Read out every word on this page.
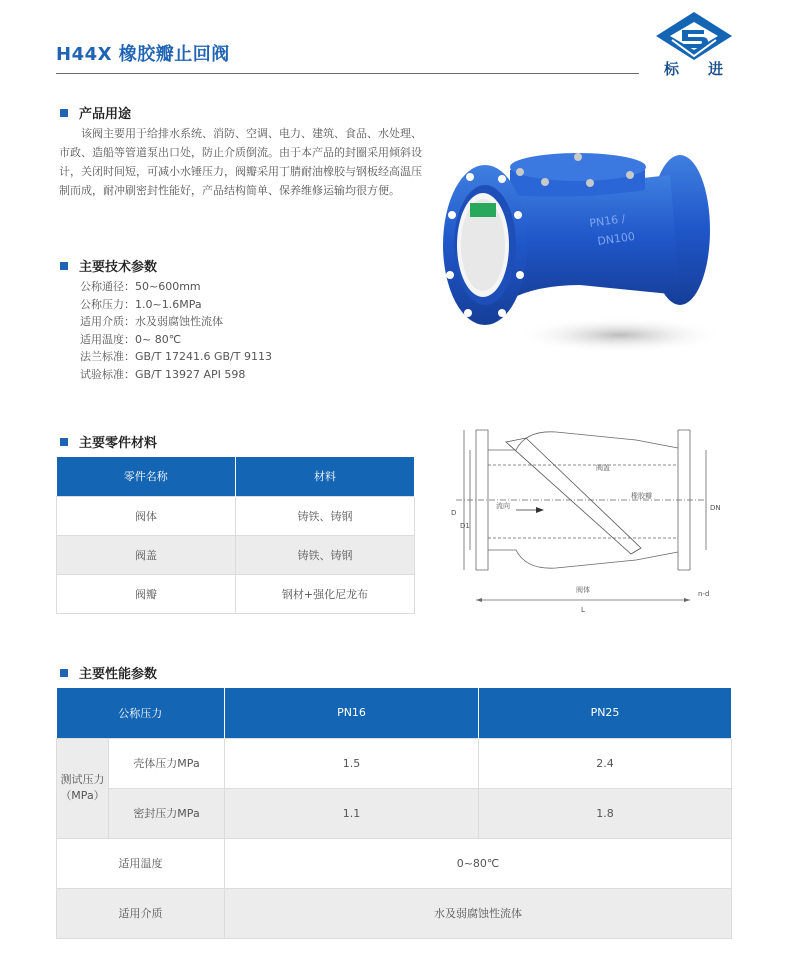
H44X 橡胶瓣止回阀
标 进
产品用途
该阀主要用于给排水系统、消防、空调、电力、建筑、食品、水处理、市政、造船等管道泵出口处，防止介质倒流。由于本产品的封圈采用倾斜设计，关闭时间短，可减小水锤压力，阀瓣采用丁腈耐油橡胶与钢板经高温压制而成，耐冲刷密封性能好，产品结构简单、保养维修运输均很方便。
PN16 /
DN100
主要技术参数
公称通径：50~600mm
公称压力：1.0~1.6MPa
适用介质：水及弱腐蚀性流体
适用温度：0~ 80℃
法兰标准：GB/T 17241.6 GB/T 9113
试验标准：GB/T 13927 API 598
主要零件材料
零件名称	材料
阀体	铸铁、铸钢
阀盖	铸铁、铸钢
阀瓣	钢材+强化尼龙布
阀盖
橡胶瓣
流向
阀体
D
D1
DN
L
n-d
主要性能参数
公称压力		PN16	PN25
测试压力
（MPa）	壳体压力MPa	1.5	2.4
	密封压力MPa	1.1	1.8
适用温度		0~80℃	
适用介质		水及弱腐蚀性流体	
